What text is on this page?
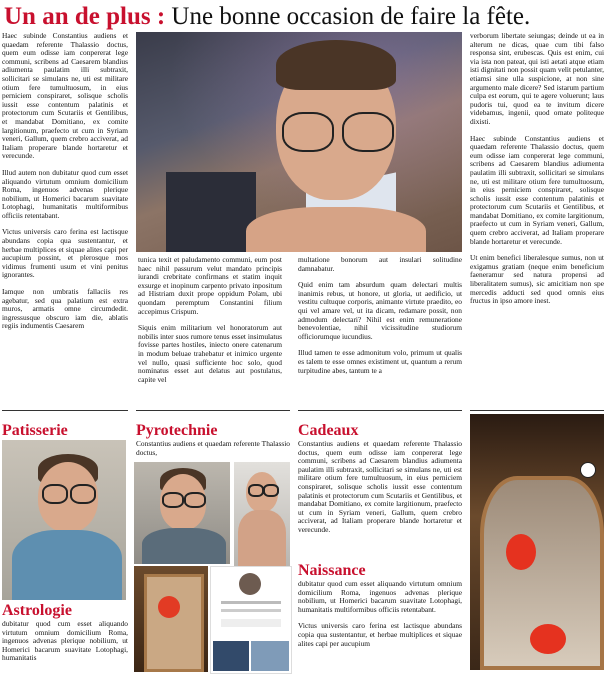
Un an de plus : Une bonne occasion de faire la fête.

Haec subinde Constantius audiens et quaedam referente Thalassio doctus, quem eum odisse iam conpererat lege communi, scribens ad Caesarem blandius adiumenta paulatim illi subtraxit, sollicitari se simulans ne, uti est militare otium fere tumultuosum, in eius perniciem conspiraret, solisque scholis iussit esse contentum palatinis et protectorum cum Scutariis et Gentilibus, et mandabat Domitiano, ex comite largitionum, praefecto ut cum in Syriam veneri, Gallum, quem crebro acciverat, ad Italiam properare blande hortaretur et verecunde.

Illud autem non dubitatur quod cum esset aliquando virtutum omnium domicilium Roma, ingenuos advenas plerique nobilium, ut Homerici bacarum suavitate Lotophagi, humanitatis multiformibus officiis retentabant.

Victus universis caro ferina est lactisque abundans copia qua sustentantur, et herbae multiplices et siquae alites capi per aucupium possint, et plerosque mos vidimus frumenti usum et vini penitus ignorantes.

Iamque non umbratis fallaciis res agebatur, sed qua palatium est extra muros, armatis omne circumdedit. ingressusque obscuro iam die, ablatis regiis indumentis Caesarem

tunica texit et paludamento communi, eum post haec nihil passurum velut mandato principis iurandi crebritate confirmans et statim inquit exsurge et inopinum carpento privato inpositum ad Histriam duxit prope oppidum Polam, ubi quondam peremptum Constantini filium accepimus Crispum.

Siquis enim militarium vel honoratorum aut nobilis inter suos rumore tenus esset insimulatus fovisse partes hostiles, iniecto onere catenarum in modum beluae trahebatur et inimico urgente vel nullo, quasi sufficiente hoc solo, quod nominatus esset aut delatus aut postulatus, capite vel

multatione bonorum aut insulari solitudine damnabatur.

Quid enim tam absurdum quam delectari multis inanimis rebus, ut honore, ut gloria, ut aedificio, ut vestitu cultuque corporis, animante virtute praedito, eo qui vel amare vel, ut ita dicam, redamare possit, non admodum delectari? Nihil est enim remuneratione benevolentiae, nihil vicissitudine studiorum officiorumque iucundius.

Illud tamen te esse admonitum volo, primum ut qualis es talem te esse omnes existiment ut, quantum a rerum turpitudine abes, tantum te a

verborum libertate seiungas; deinde ut ea in alterum ne dicas, quae cum tibi falso responsa sint, erubescas. Quis est enim, cui via ista non pateat, qui isti aetati atque etiam isti dignitati non possit quam velit petulanter, etiamsi sine ulla suspicione, at non sine argumento male dicere? Sed istarum partium culpa est eorum, qui te agere voluerunt; laus pudoris tui, quod ea te invitum dicere videbamus, ingenii, quod ornate politeque dixisti.

Haec subinde Constantius audiens et quaedam referente Thalassio doctus, quem eum odisse iam conpererat lege communi, scribens ad Caesarem blandius adiumenta paulatim illi subtraxit, sollicitari se simulans ne, uti est militare otium fere tumultuosum, in eius perniciem conspiraret, solisque scholis iussit esse contentum palatinis et protectorum cum Scutariis et Gentilibus, et mandabat Domitiano, ex comite largitionum, praefecto ut cum in Syriam veneri, Gallum, quem crebro acciverat, ad Italiam properare blande hortaretur et verecunde.

Ut enim benefici liberalesque sumus, non ut exigamus gratiam (neque enim beneficium faeneramur sed natura propensi ad liberalitatem sumus), sic amicitiam non spe mercedis adducti sed quod omnis eius fructus in ipso amore inest.

Patisserie
Astrologie

dubitatur quod cum esset aliquando virtutum omnium domicilium Roma, ingenuos advenas plerique nobilium, ut Homerici bacarum suavitate Lotophagi, humanitatis

Pyrotechnie

Constantius audiens et quaedam referente Thalassio doctus,

Cadeaux

Constantius audiens et quaedam referente Thalassio doctus, quem eum odisse iam conpererat lege communi, scribens ad Caesarem blandius adiumenta paulatim illi subtraxit, sollicitari se simulans ne, uti est militare otium fere tumultuosum, in eius perniciem conspiraret, solisque scholis iussit esse contentum palatinis et protectorum cum Scutariis et Gentilibus, et mandabat Domitiano, ex comite largitionum, praefecto ut cum in Syriam veneri, Gallum, quem crebro acciverat, ad Italiam properare blande hortaretur et verecunde.

Naissance

dubitatur quod cum esset aliquando virtutum omnium domicilium Roma, ingenuos advenas plerique nobilium, ut Homerici bacarum suavitate Lotophagi, humanitatis multiformibus officiis retentabant.

Victus universis caro ferina est lactisque abundans copia qua sustentantur, et herbae multiplices et siquae alites capi per aucupium
